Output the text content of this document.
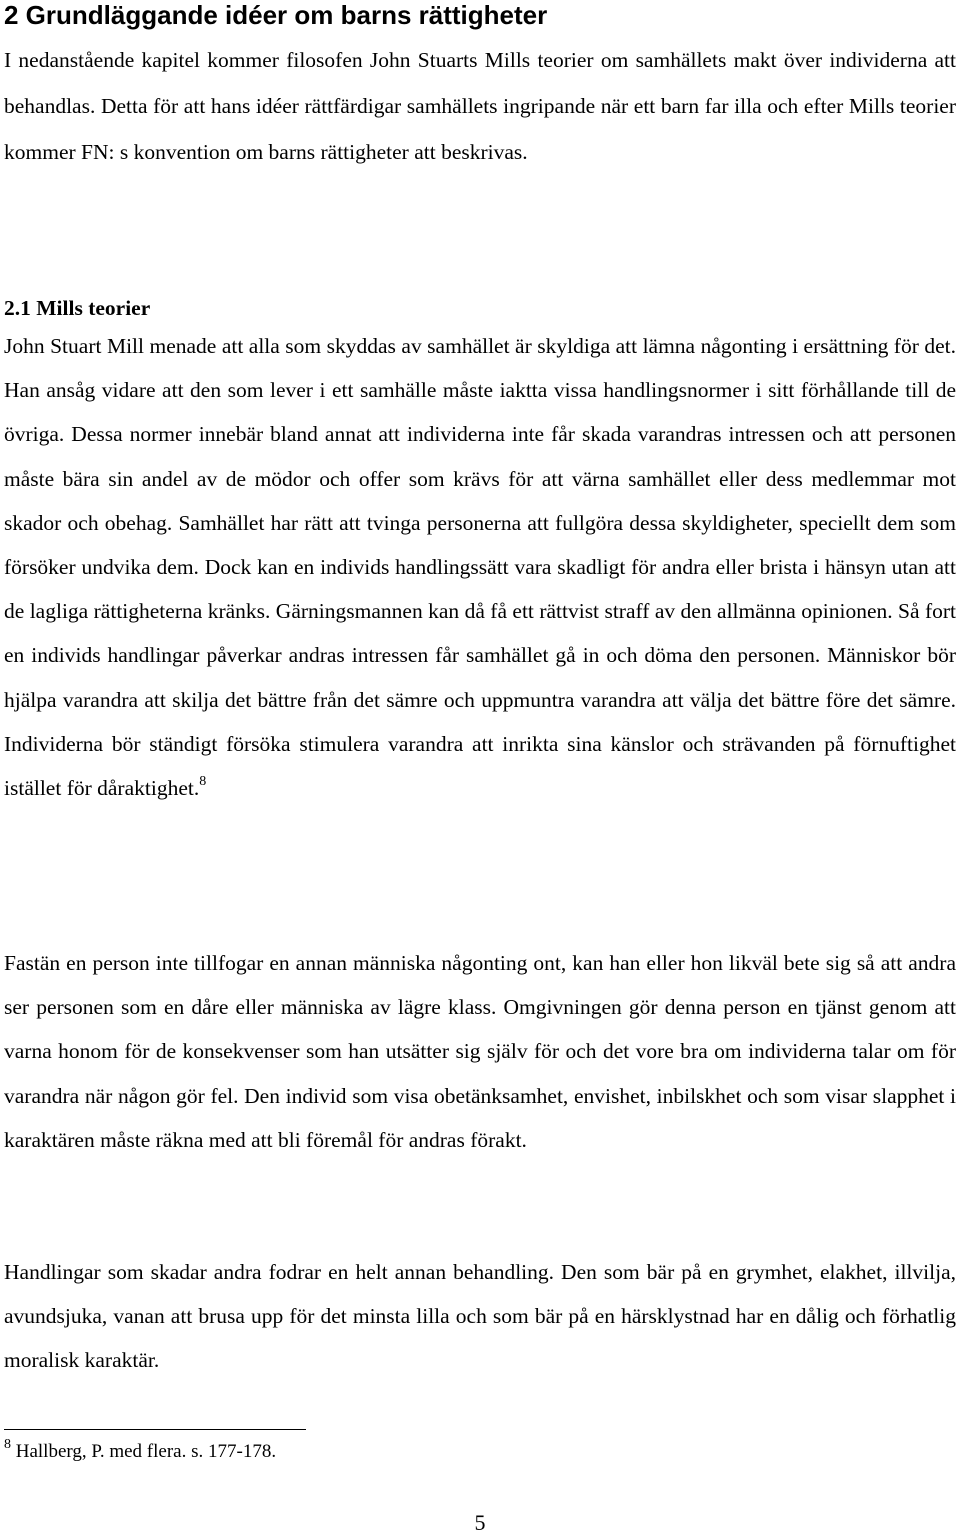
2 Grundläggande idéer om barns rättigheter

I nedanstående kapitel kommer filosofen John Stuarts Mills teorier om samhällets makt över individerna att behandlas. Detta för att hans idéer rättfärdigar samhällets ingripande när ett barn far illa och efter Mills teorier kommer FN: s konvention om barns rättigheter att beskrivas.

2.1 Mills teorier

John Stuart Mill menade att alla som skyddas av samhället är skyldiga att lämna någonting i ersättning för det. Han ansåg vidare att den som lever i ett samhälle måste iaktta vissa handlingsnormer i sitt förhållande till de övriga. Dessa normer innebär bland annat att individerna inte får skada varandras intressen och att personen måste bära sin andel av de mödor och offer som krävs för att värna samhället eller dess medlemmar mot skador och obehag. Samhället har rätt att tvinga personerna att fullgöra dessa skyldigheter, speciellt dem som försöker undvika dem. Dock kan en individs handlingssätt vara skadligt för andra eller brista i hänsyn utan att de lagliga rättigheterna kränks. Gärningsmannen kan då få ett rättvist straff av den allmänna opinionen. Så fort en individs handlingar påverkar andras intressen får samhället gå in och döma den personen. Människor bör hjälpa varandra att skilja det bättre från det sämre och uppmuntra varandra att välja det bättre före det sämre. Individerna bör ständigt försöka stimulera varandra att inrikta sina känslor och strävanden på förnuftighet istället för dåraktighet.$^8$

Fastän en person inte tillfogar en annan människa någonting ont, kan han eller hon likväl bete sig så att andra ser personen som en dåre eller människa av lägre klass. Omgivningen gör denna person en tjänst genom att varna honom för de konsekvenser som han utsätter sig själv för och det vore bra om individerna talar om för varandra när någon gör fel. Den individ som visa obetänksamhet, envishet, inbilskhet och som visar slapphet i karaktären måste räkna med att bli föremål för andras förakt.

Handlingar som skadar andra fodrar en helt annan behandling. Den som bär på en grymhet, elakhet, illvilja, avundsjuka, vanan att brusa upp för det minsta lilla och som bär på en härsklystnad har en dålig och förhatlig moralisk karaktär.

$^8$ Hallberg, P. med flera. s. 177-178.

5
